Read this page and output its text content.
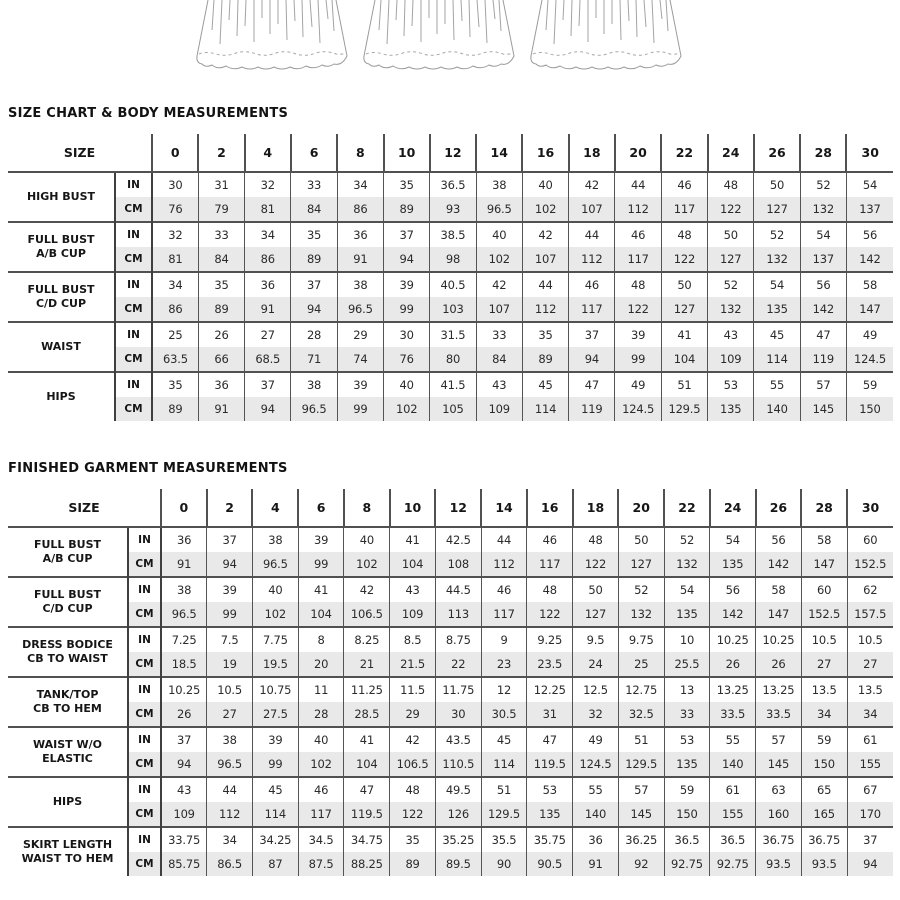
SIZE CHART & BODY MEASUREMENTS
SIZE		0	2	4	6	8	10	12	14	16	18	20	22	24	26	28	30

HIGH BUST	IN	30	31	32	33	34	35	36.5	38	40	42	44	46	48	50	52	54
	CM	76	79	81	84	86	89	93	96.5	102	107	112	117	122	127	132	137

FULL BUST
A/B CUP	IN	32	33	34	35	36	37	38.5	40	42	44	46	48	50	52	54	56
	CM	81	84	86	89	91	94	98	102	107	112	117	122	127	132	137	142

FULL BUST
C/D CUP	IN	34	35	36	37	38	39	40.5	42	44	46	48	50	52	54	56	58
	CM	86	89	91	94	96.5	99	103	107	112	117	122	127	132	135	142	147

WAIST	IN	25	26	27	28	29	30	31.5	33	35	37	39	41	43	45	47	49
	CM	63.5	66	68.5	71	74	76	80	84	89	94	99	104	109	114	119	124.5

HIPS	IN	35	36	37	38	39	40	41.5	43	45	47	49	51	53	55	57	59
	CM	89	91	94	96.5	99	102	105	109	114	119	124.5	129.5	135	140	145	150
FINISHED GARMENT MEASUREMENTS
SIZE		0	2	4	6	8	10	12	14	16	18	20	22	24	26	28	30

FULL BUST
A/B CUP	IN	36	37	38	39	40	41	42.5	44	46	48	50	52	54	56	58	60
	CM	91	94	96.5	99	102	104	108	112	117	122	127	132	135	142	147	152.5

FULL BUST
C/D CUP	IN	38	39	40	41	42	43	44.5	46	48	50	52	54	56	58	60	62
	CM	96.5	99	102	104	106.5	109	113	117	122	127	132	135	142	147	152.5	157.5

DRESS BODICE
CB TO WAIST	IN	7.25	7.5	7.75	8	8.25	8.5	8.75	9	9.25	9.5	9.75	10	10.25	10.25	10.5	10.5
	CM	18.5	19	19.5	20	21	21.5	22	23	23.5	24	25	25.5	26	26	27	27

TANK/TOP
CB TO HEM	IN	10.25	10.5	10.75	11	11.25	11.5	11.75	12	12.25	12.5	12.75	13	13.25	13.25	13.5	13.5
	CM	26	27	27.5	28	28.5	29	30	30.5	31	32	32.5	33	33.5	33.5	34	34

WAIST W/O
ELASTIC	IN	37	38	39	40	41	42	43.5	45	47	49	51	53	55	57	59	61
	CM	94	96.5	99	102	104	106.5	110.5	114	119.5	124.5	129.5	135	140	145	150	155

HIPS	IN	43	44	45	46	47	48	49.5	51	53	55	57	59	61	63	65	67
	CM	109	112	114	117	119.5	122	126	129.5	135	140	145	150	155	160	165	170

SKIRT LENGTH
WAIST TO HEM	IN	33.75	34	34.25	34.5	34.75	35	35.25	35.5	35.75	36	36.25	36.5	36.5	36.75	36.75	37
	CM	85.75	86.5	87	87.5	88.25	89	89.5	90	90.5	91	92	92.75	92.75	93.5	93.5	94
